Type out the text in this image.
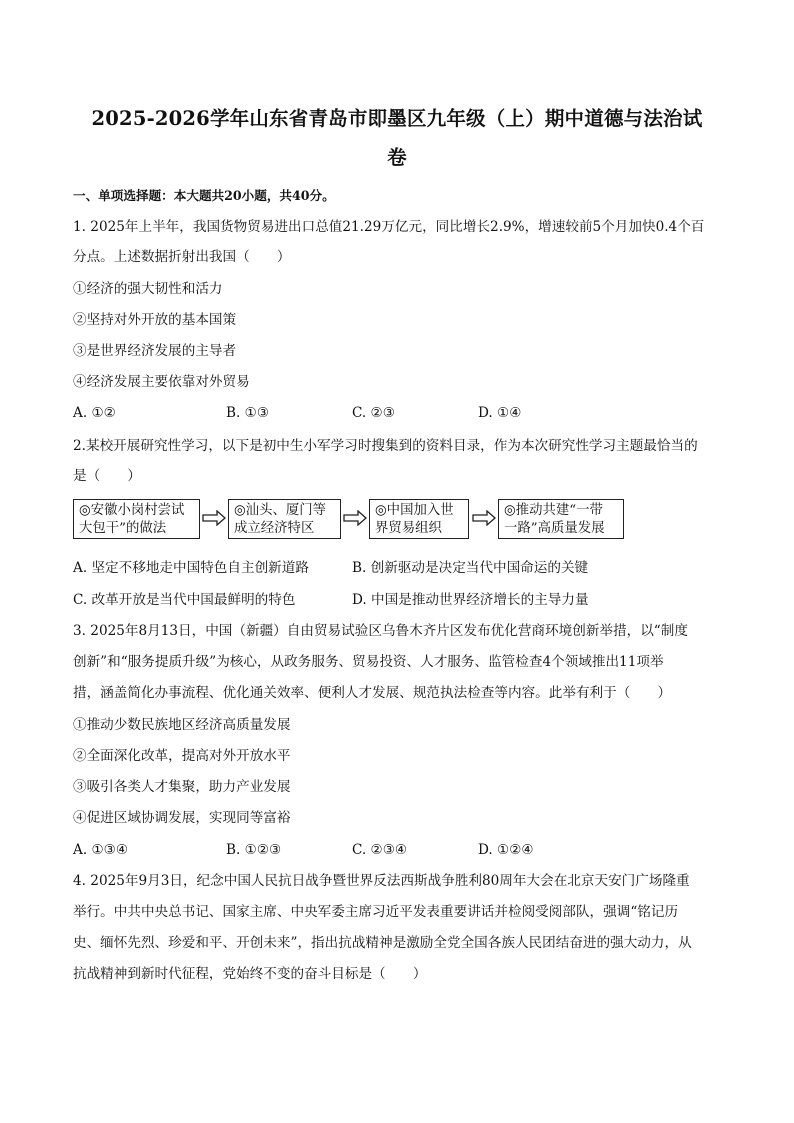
2025-2026学年山东省青岛市即墨区九年级（上）期中道德与法治试
卷
一、单项选择题：本大题共20小题，共40分。
1. 2025年上半年，我国货物贸易进出口总值21.29万亿元，同比增长2.9%，增速较前5个月加快0.4个百
分点。上述数据折射出我国（　　）
①经济的强大韧性和活力
②坚持对外开放的基本国策
③是世界经济发展的主导者
④经济发展主要依靠对外贸易
A. ①②	B. ①③	C. ②③	D. ①④
2.某校开展研究性学习，以下是初中生小军学习时搜集到的资料目录，作为本次研究性学习主题最恰当的
是（　　）
◎安徽小岗村尝试
大包干”的做法
◎汕头、厦门等
成立经济特区
◎中国加入世
界贸易组织
◎推动共建“一带
一路”高质量发展
A. 坚定不移地走中国特色自主创新道路	B. 创新驱动是决定当代中国命运的关键
C. 改革开放是当代中国最鲜明的特色	D. 中国是推动世界经济增长的主导力量
3. 2025年8月13日，中国（新疆）自由贸易试验区乌鲁木齐片区发布优化营商环境创新举措，以“制度
创新”和“服务提质升级”为核心，从政务服务、贸易投资、人才服务、监管检查4个领域推出11项举
措，涵盖简化办事流程、优化通关效率、便利人才发展、规范执法检查等内容。此举有利于（　　）
①推动少数民族地区经济高质量发展
②全面深化改革，提高对外开放水平
③吸引各类人才集聚，助力产业发展
④促进区域协调发展，实现同等富裕
A. ①③④	B. ①②③	C. ②③④	D. ①②④
4. 2025年9月3日，纪念中国人民抗日战争暨世界反法西斯战争胜利80周年大会在北京天安门广场隆重
举行。中共中央总书记、国家主席、中央军委主席习近平发表重要讲话并检阅受阅部队，强调“铭记历
史、缅怀先烈、珍爱和平、开创未来”，指出抗战精神是激励全党全国各族人民团结奋进的强大动力，从
抗战精神到新时代征程，党始终不变的奋斗目标是（　　）
